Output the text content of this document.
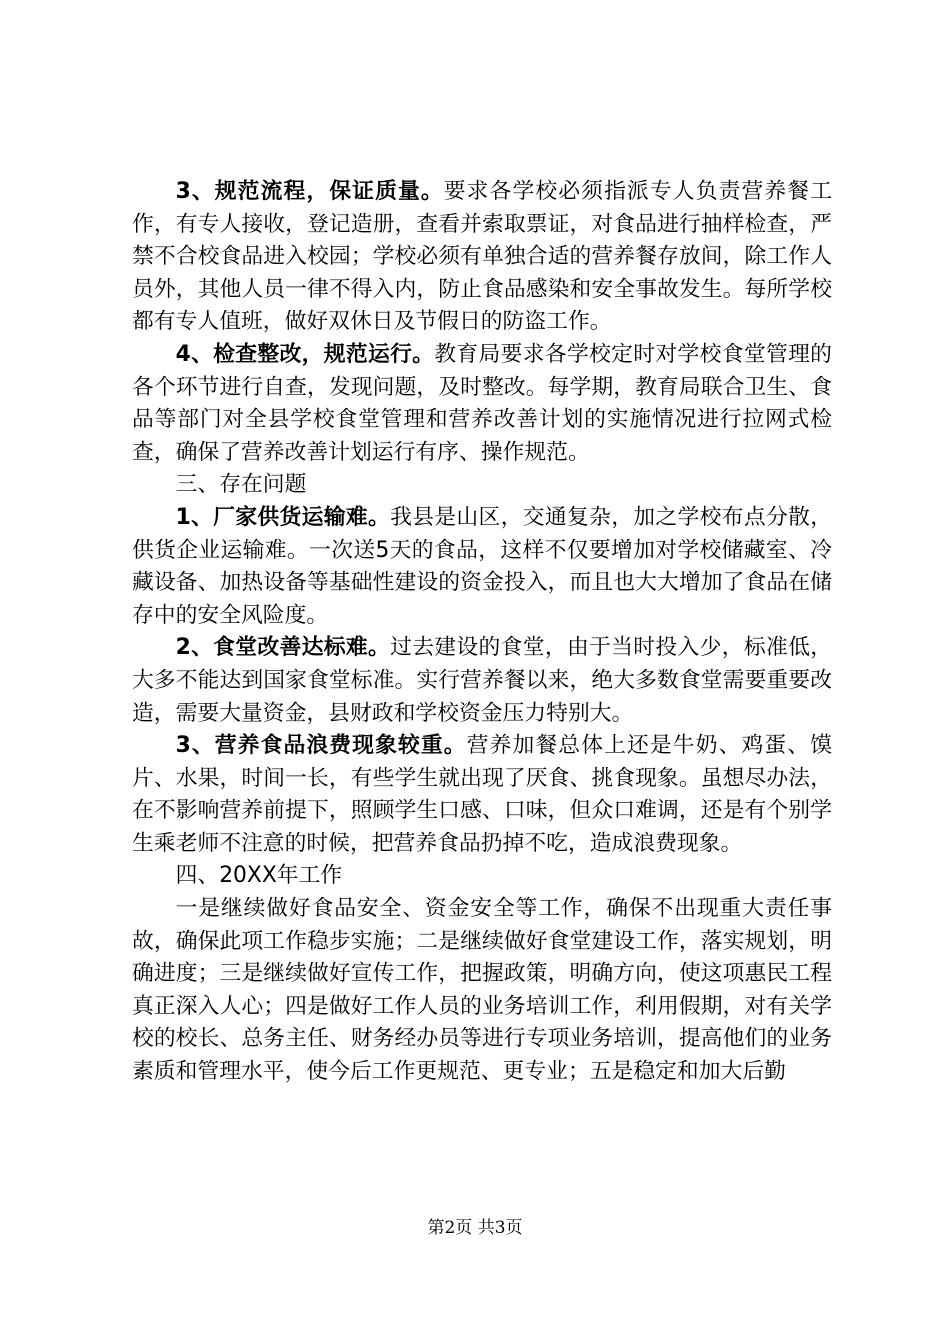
3、规范流程，保证质量。要求各学校必须指派专人负责营养餐工作，有专人接收，登记造册，查看并索取票证，对食品进行抽样检查，严禁不合校食品进入校园；学校必须有单独合适的营养餐存放间，除工作人员外，其他人员一律不得入内，防止食品感染和安全事故发生。每所学校都有专人值班，做好双休日及节假日的防盗工作。

4、检查整改，规范运行。教育局要求各学校定时对学校食堂管理的各个环节进行自查，发现问题，及时整改。每学期，教育局联合卫生、食品等部门对全县学校食堂管理和营养改善计划的实施情况进行拉网式检查，确保了营养改善计划运行有序、操作规范。

三、存在问题

1、厂家供货运输难。我县是山区，交通复杂，加之学校布点分散，供货企业运输难。一次送5天的食品，这样不仅要增加对学校储藏室、冷藏设备、加热设备等基础性建设的资金投入，而且也大大增加了食品在储存中的安全风险度。

2、食堂改善达标难。过去建设的食堂，由于当时投入少，标准低，大多不能达到国家食堂标准。实行营养餐以来，绝大多数食堂需要重要改造，需要大量资金，县财政和学校资金压力特别大。

3、营养食品浪费现象较重。营养加餐总体上还是牛奶、鸡蛋、馍片、水果，时间一长，有些学生就出现了厌食、挑食现象。虽想尽办法，在不影响营养前提下，照顾学生口感、口味，但众口难调，还是有个别学生乘老师不注意的时候，把营养食品扔掉不吃，造成浪费现象。

四、20XX年工作

一是继续做好食品安全、资金安全等工作，确保不出现重大责任事故，确保此项工作稳步实施；二是继续做好食堂建设工作，落实规划，明确进度；三是继续做好宣传工作，把握政策，明确方向，使这项惠民工程真正深入人心；四是做好工作人员的业务培训工作，利用假期，对有关学校的校长、总务主任、财务经办员等进行专项业务培训，提高他们的业务素质和管理水平，使今后工作更规范、更专业；五是稳定和加大后勤

第2页 共3页
